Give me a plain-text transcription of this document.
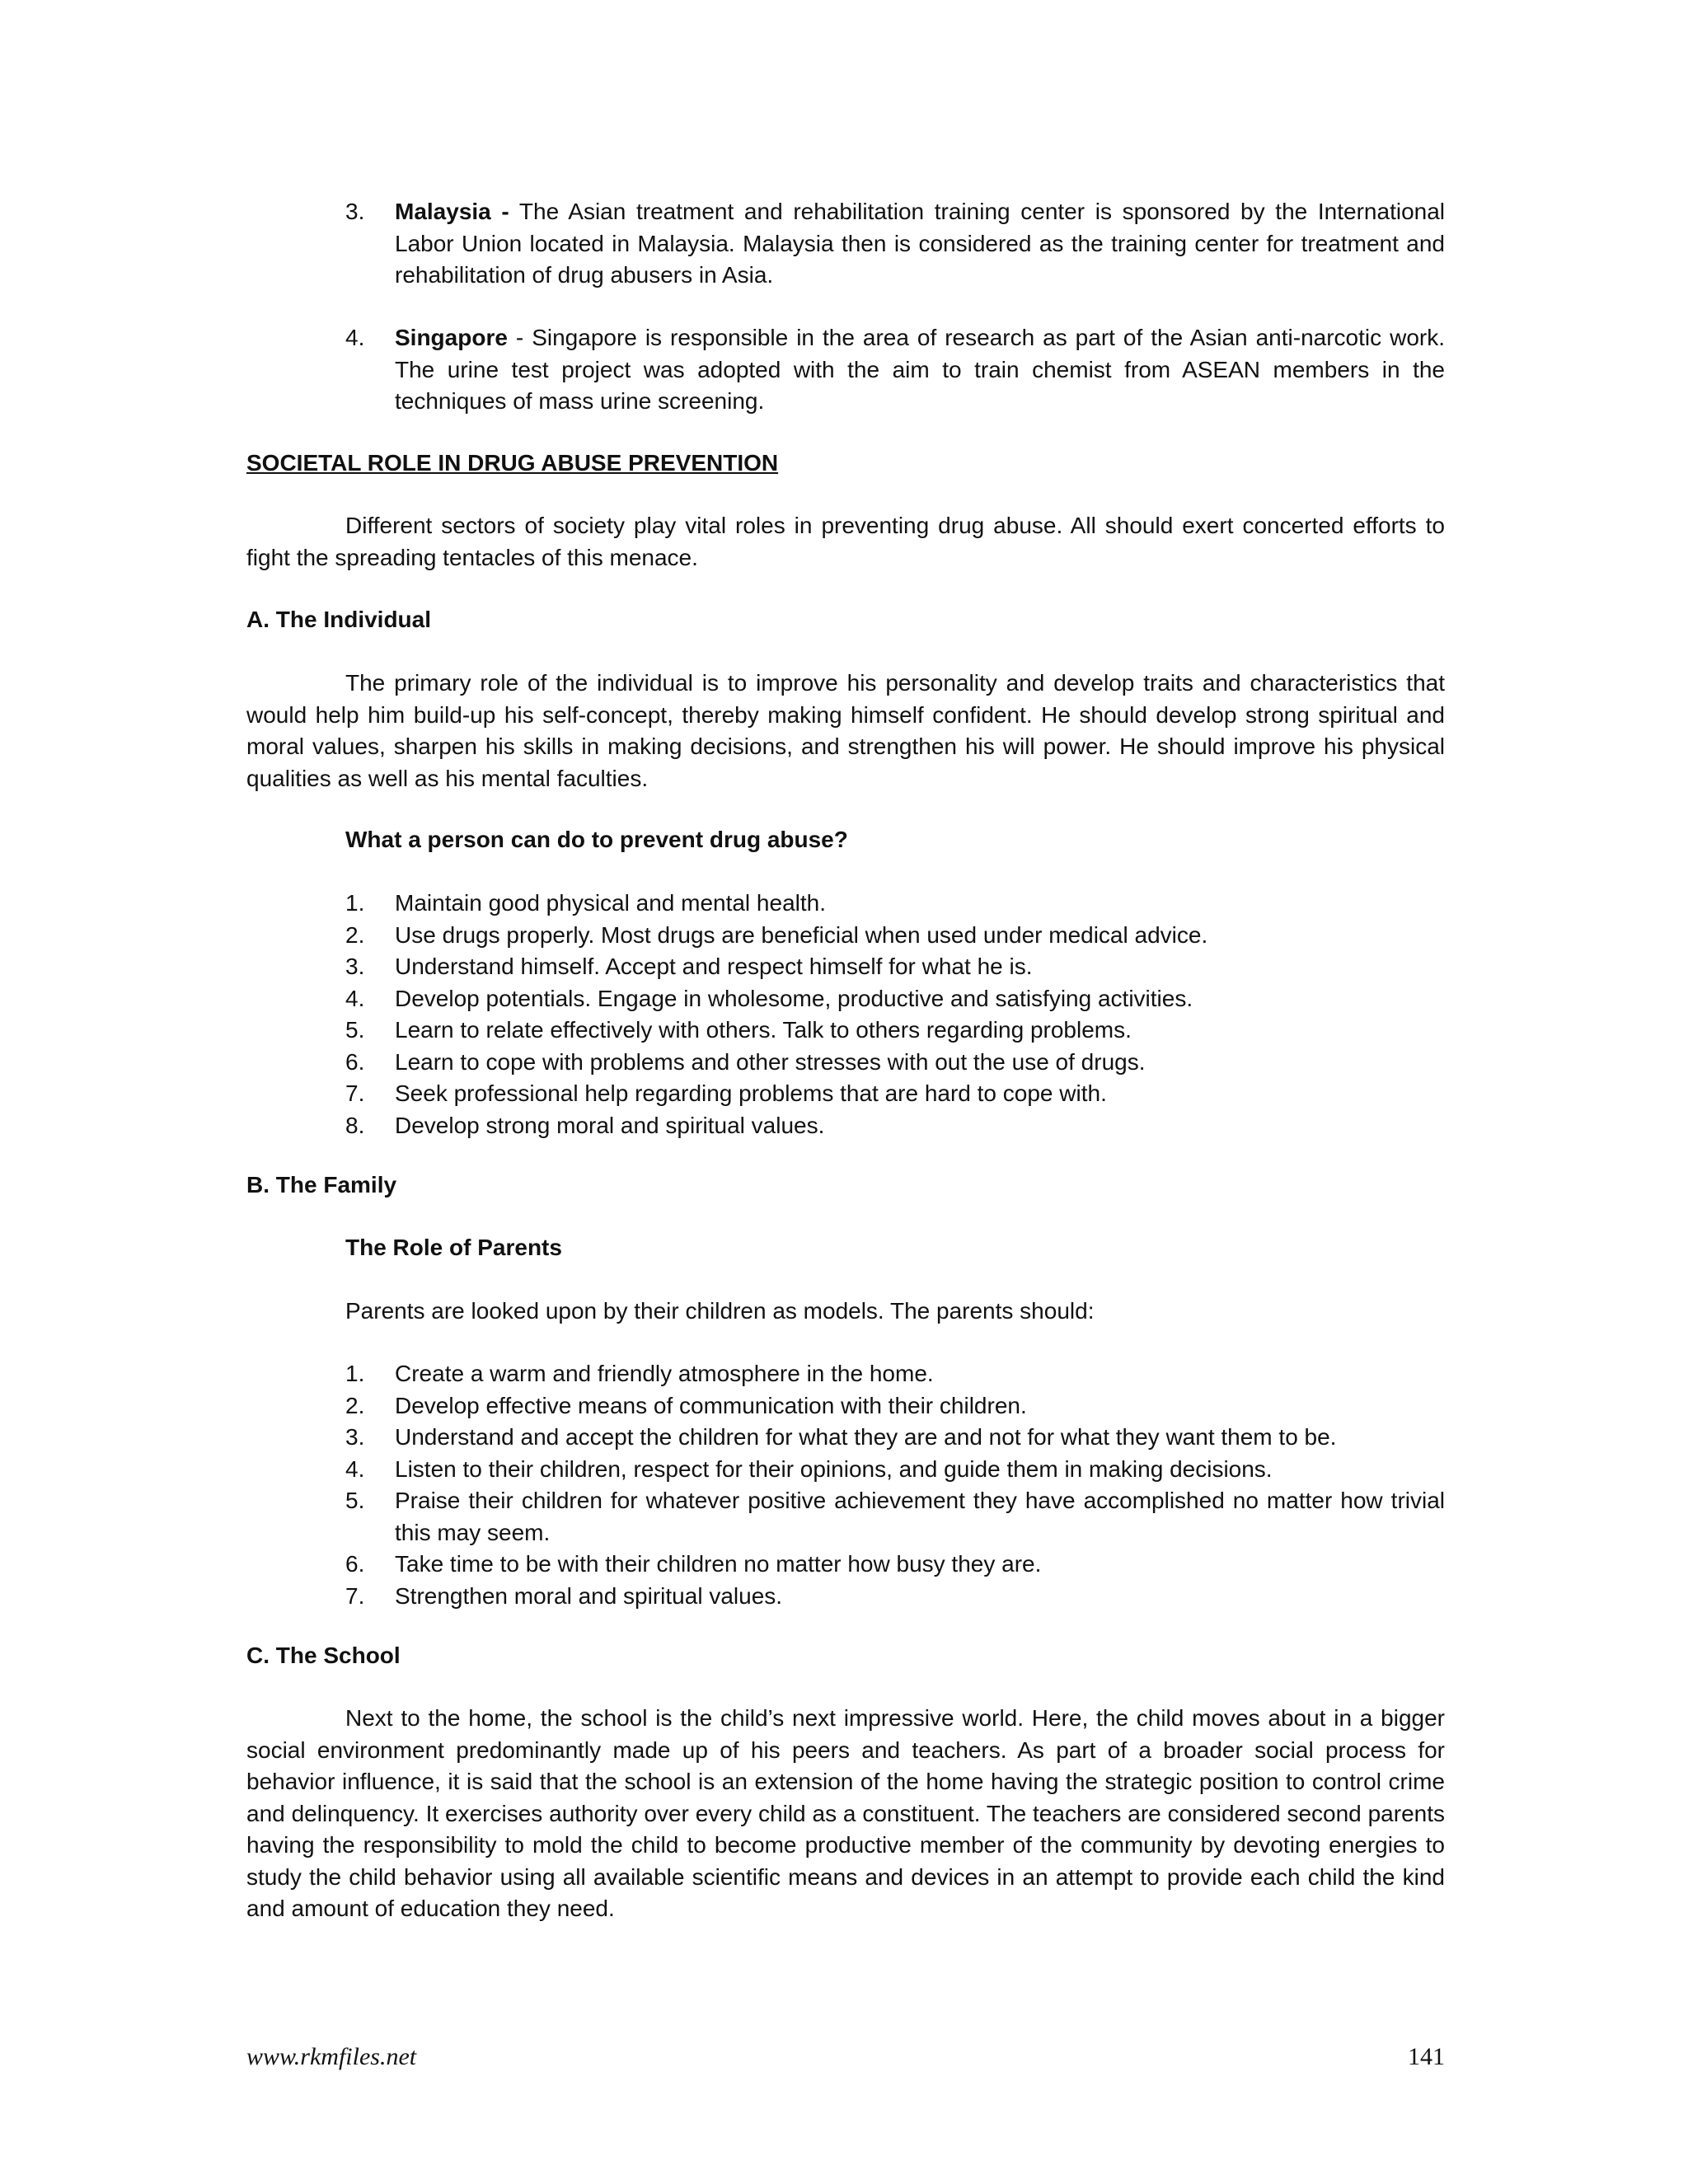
3.	Malaysia - The Asian treatment and rehabilitation training center is sponsored by the International Labor Union located in Malaysia. Malaysia then is considered as the training center for treatment and rehabilitation of drug abusers in Asia.
4.	Singapore - Singapore is responsible in the area of research as part of the Asian anti-narcotic work. The urine test project was adopted with the aim to train chemist from ASEAN members in the techniques of mass urine screening.
SOCIETAL ROLE IN DRUG ABUSE PREVENTION
Different sectors of society play vital roles in preventing drug abuse. All should exert concerted efforts to fight the spreading tentacles of this menace.
A. The Individual
The primary role of the individual is to improve his personality and develop traits and characteristics that would help him build-up his self-concept, thereby making himself confident. He should develop strong spiritual and moral values, sharpen his skills in making decisions, and strengthen his will power. He should improve his physical qualities as well as his mental faculties.
What a person can do to prevent drug abuse?
1.	Maintain good physical and mental health.
2.	Use drugs properly. Most drugs are beneficial when used under medical advice.
3.	Understand himself. Accept and respect himself for what he is.
4.	Develop potentials. Engage in wholesome, productive and satisfying activities.
5.	Learn to relate effectively with others. Talk to others regarding problems.
6.	Learn to cope with problems and other stresses with out the use of drugs.
7.	Seek professional help regarding problems that are hard to cope with.
8.	Develop strong moral and spiritual values.
B. The Family
The Role of Parents
Parents are looked upon by their children as models. The parents should:
1.	Create a warm and friendly atmosphere in the home.
2.	Develop effective means of communication with their children.
3.	Understand and accept the children for what they are and not for what they want them to be.
4.	Listen to their children, respect for their opinions, and guide them in making decisions.
5.	Praise their children for whatever positive achievement they have accomplished no matter how trivial this may seem.
6.	Take time to be with their children no matter how busy they are.
7.	Strengthen moral and spiritual values.
C. The School
Next to the home, the school is the child’s next impressive world. Here, the child moves about in a bigger social environment predominantly made up of his peers and teachers. As part of a broader social process for behavior influence, it is said that the school is an extension of the home having the strategic position to control crime and delinquency. It exercises authority over every child as a constituent. The teachers are considered second parents having the responsibility to mold the child to become productive member of the community by devoting energies to study the child behavior using all available scientific means and devices in an attempt to provide each child the kind and amount of education they need.
www.rkmfiles.net	141
